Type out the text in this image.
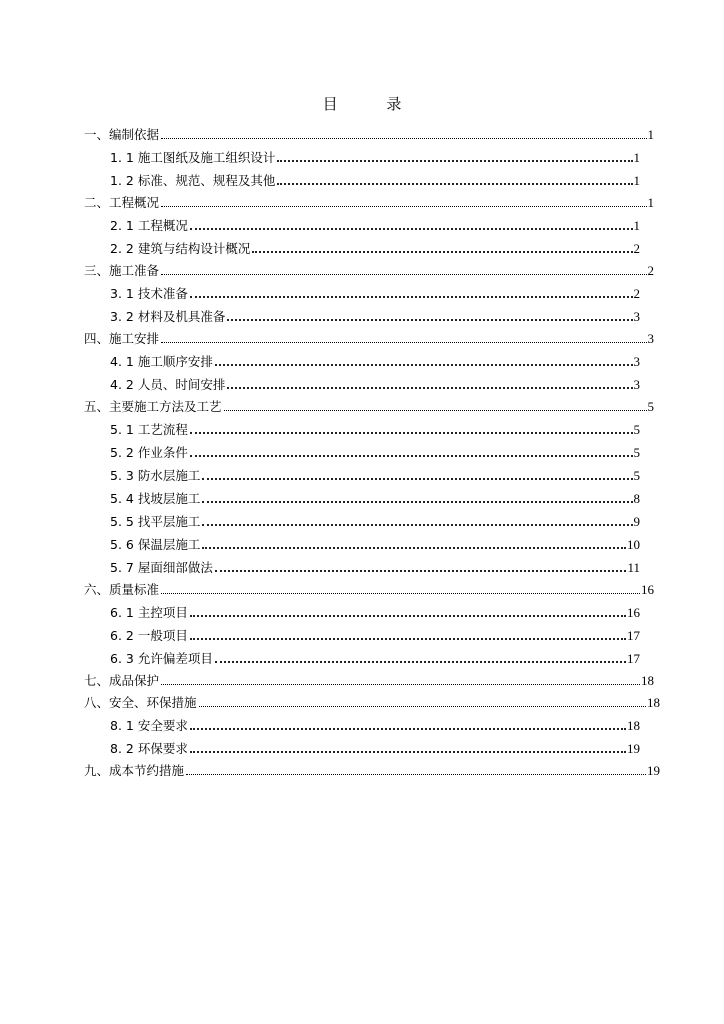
目 录
一、编制依据	1
1. 1 施工图纸及施工组织设计	1
1. 2 标准、规范、规程及其他	1
二、工程概况	1
2. 1 工程概况	1
2. 2 建筑与结构设计概况	2
三、施工准备	2
3. 1 技术准备	2
3. 2 材料及机具准备	3
四、施工安排	3
4. 1 施工顺序安排	3
4. 2 人员、时间安排	3
五、主要施工方法及工艺	5
5. 1 工艺流程	5
5. 2 作业条件	5
5. 3 防水层施工	5
5. 4 找坡层施工	8
5. 5 找平层施工	9
5. 6 保温层施工	10
5. 7 屋面细部做法	11
六、质量标准	16
6. 1 主控项目	16
6. 2 一般项目	17
6. 3 允许偏差项目	17
七、成品保护	18
八、安全、环保措施	18
8. 1 安全要求	18
8. 2 环保要求	19
九、成本节约措施	19
